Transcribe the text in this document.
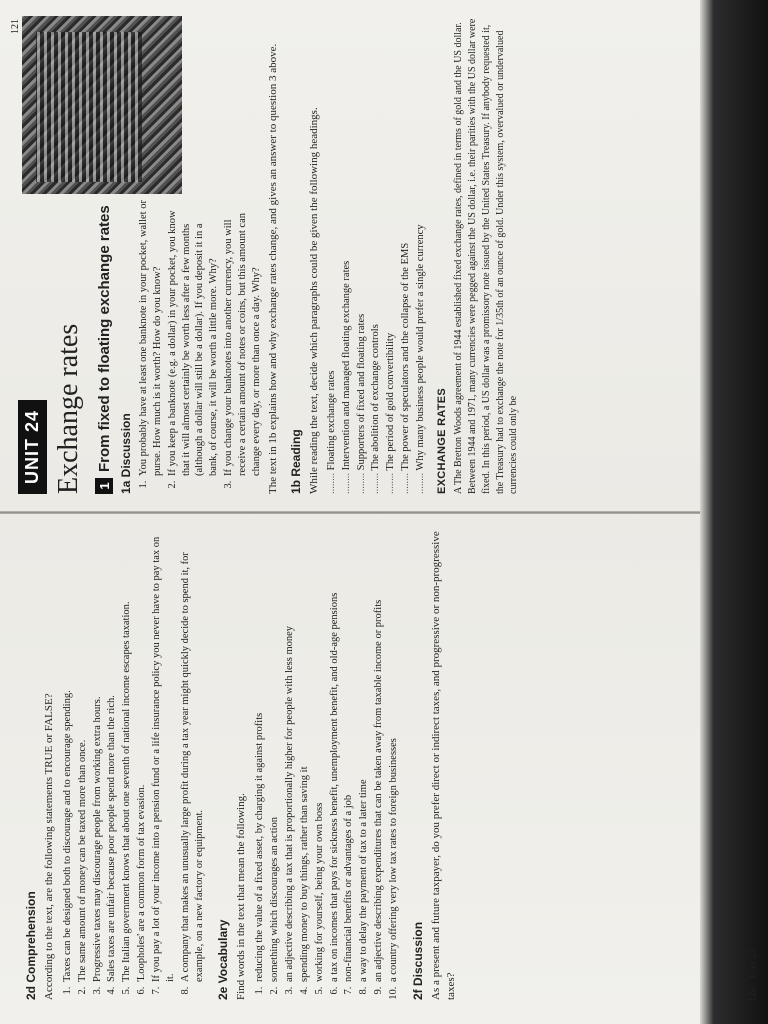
2d Comprehension According to the text, are the following statements TRUE or FALSE? 1. Taxes can be designed both to discourage and to encourage spending. 2. The same amount of money can be taxed more than once. 3. Progressive taxes may discourage people from working extra hours. 4. Sales taxes are unfair because poor people spend more than the rich. 5. The Italian government knows that about one seventh of national income escapes taxation. 6. 'Loopholes' are a common form of tax evasion. 7. If you pay a lot of your income into a pension fund or a life insurance policy you never have to pay tax on it. 8. A company that makes an unusually large profit during a tax year might quickly decide to spend it, for example, on a new factory or equipment. 2e Vocabulary Find words in the text that mean the following. 1. reducing the value of a fixed asset, by charging it against profits 2. something which discourages an action 3. an adjective describing a tax that is proportionally higher for people with less money 4. spending money to buy things, rather than saving it 5. working for yourself, being your own boss 6. a tax on incomes that pays for sickness benefit, unemployment benefit, and old-age pensions 7. non-financial benefits or advantages of a job 8. a way to delay the payment of tax to a later time 9. an adjective describing expenditures that can be taken away from taxable income or profits 10. a country offering very low tax rates to foreign businesses 2f Discussion As a present and future taxpayer, do you prefer direct or indirect taxes, and progressive or non-progressive taxes?	120 Unit 23
UNIT 24 Exchange rates 1
From fixed to floating exchange rates 1a Discussion 1. You probably have at least one banknote in your pocket, wallet or purse. How much is it worth? How do you know? 2. If you keep a banknote (e.g. a dollar) in your pocket, you know that it will almost certainly be worth less after a few months (although a dollar will still be a dollar). If you deposit it in a bank, of course, it will be worth a little more. Why? 3. If you change your banknotes into another currency, you will receive a certain amount of notes or coins, but this amount can change every day, or more than once a day. Why? The text in 1b explains how and why exchange rates change, and gives an answer to question 3 above. 1b Reading While reading the text, decide which paragraphs could be given the following headings. ..... Floating exchange rates ..... Intervention and managed floating exchange rates ..... Supporters of fixed and floating rates ..... The abolition of exchange controls ..... The period of gold convertibility ..... The power of speculators and the collapse of the EMS ..... Why many business people would prefer a single currency EXCHANGE RATES A The Bretton Woods agreement of 1944 established fixed exchange rates, defined in terms of gold and the US dollar. Between 1944 and 1971, many currencies were pegged against the US dollar, i.e. their parities with the US dollar were fixed. In this period, a US dollar was a promissory note issued by the United States Treasury. If anybody requested it, the Treasury had to exchange the note for 1/35th of an ounce of gold. Under this system, overvalued or undervalued currencies could only be
121
